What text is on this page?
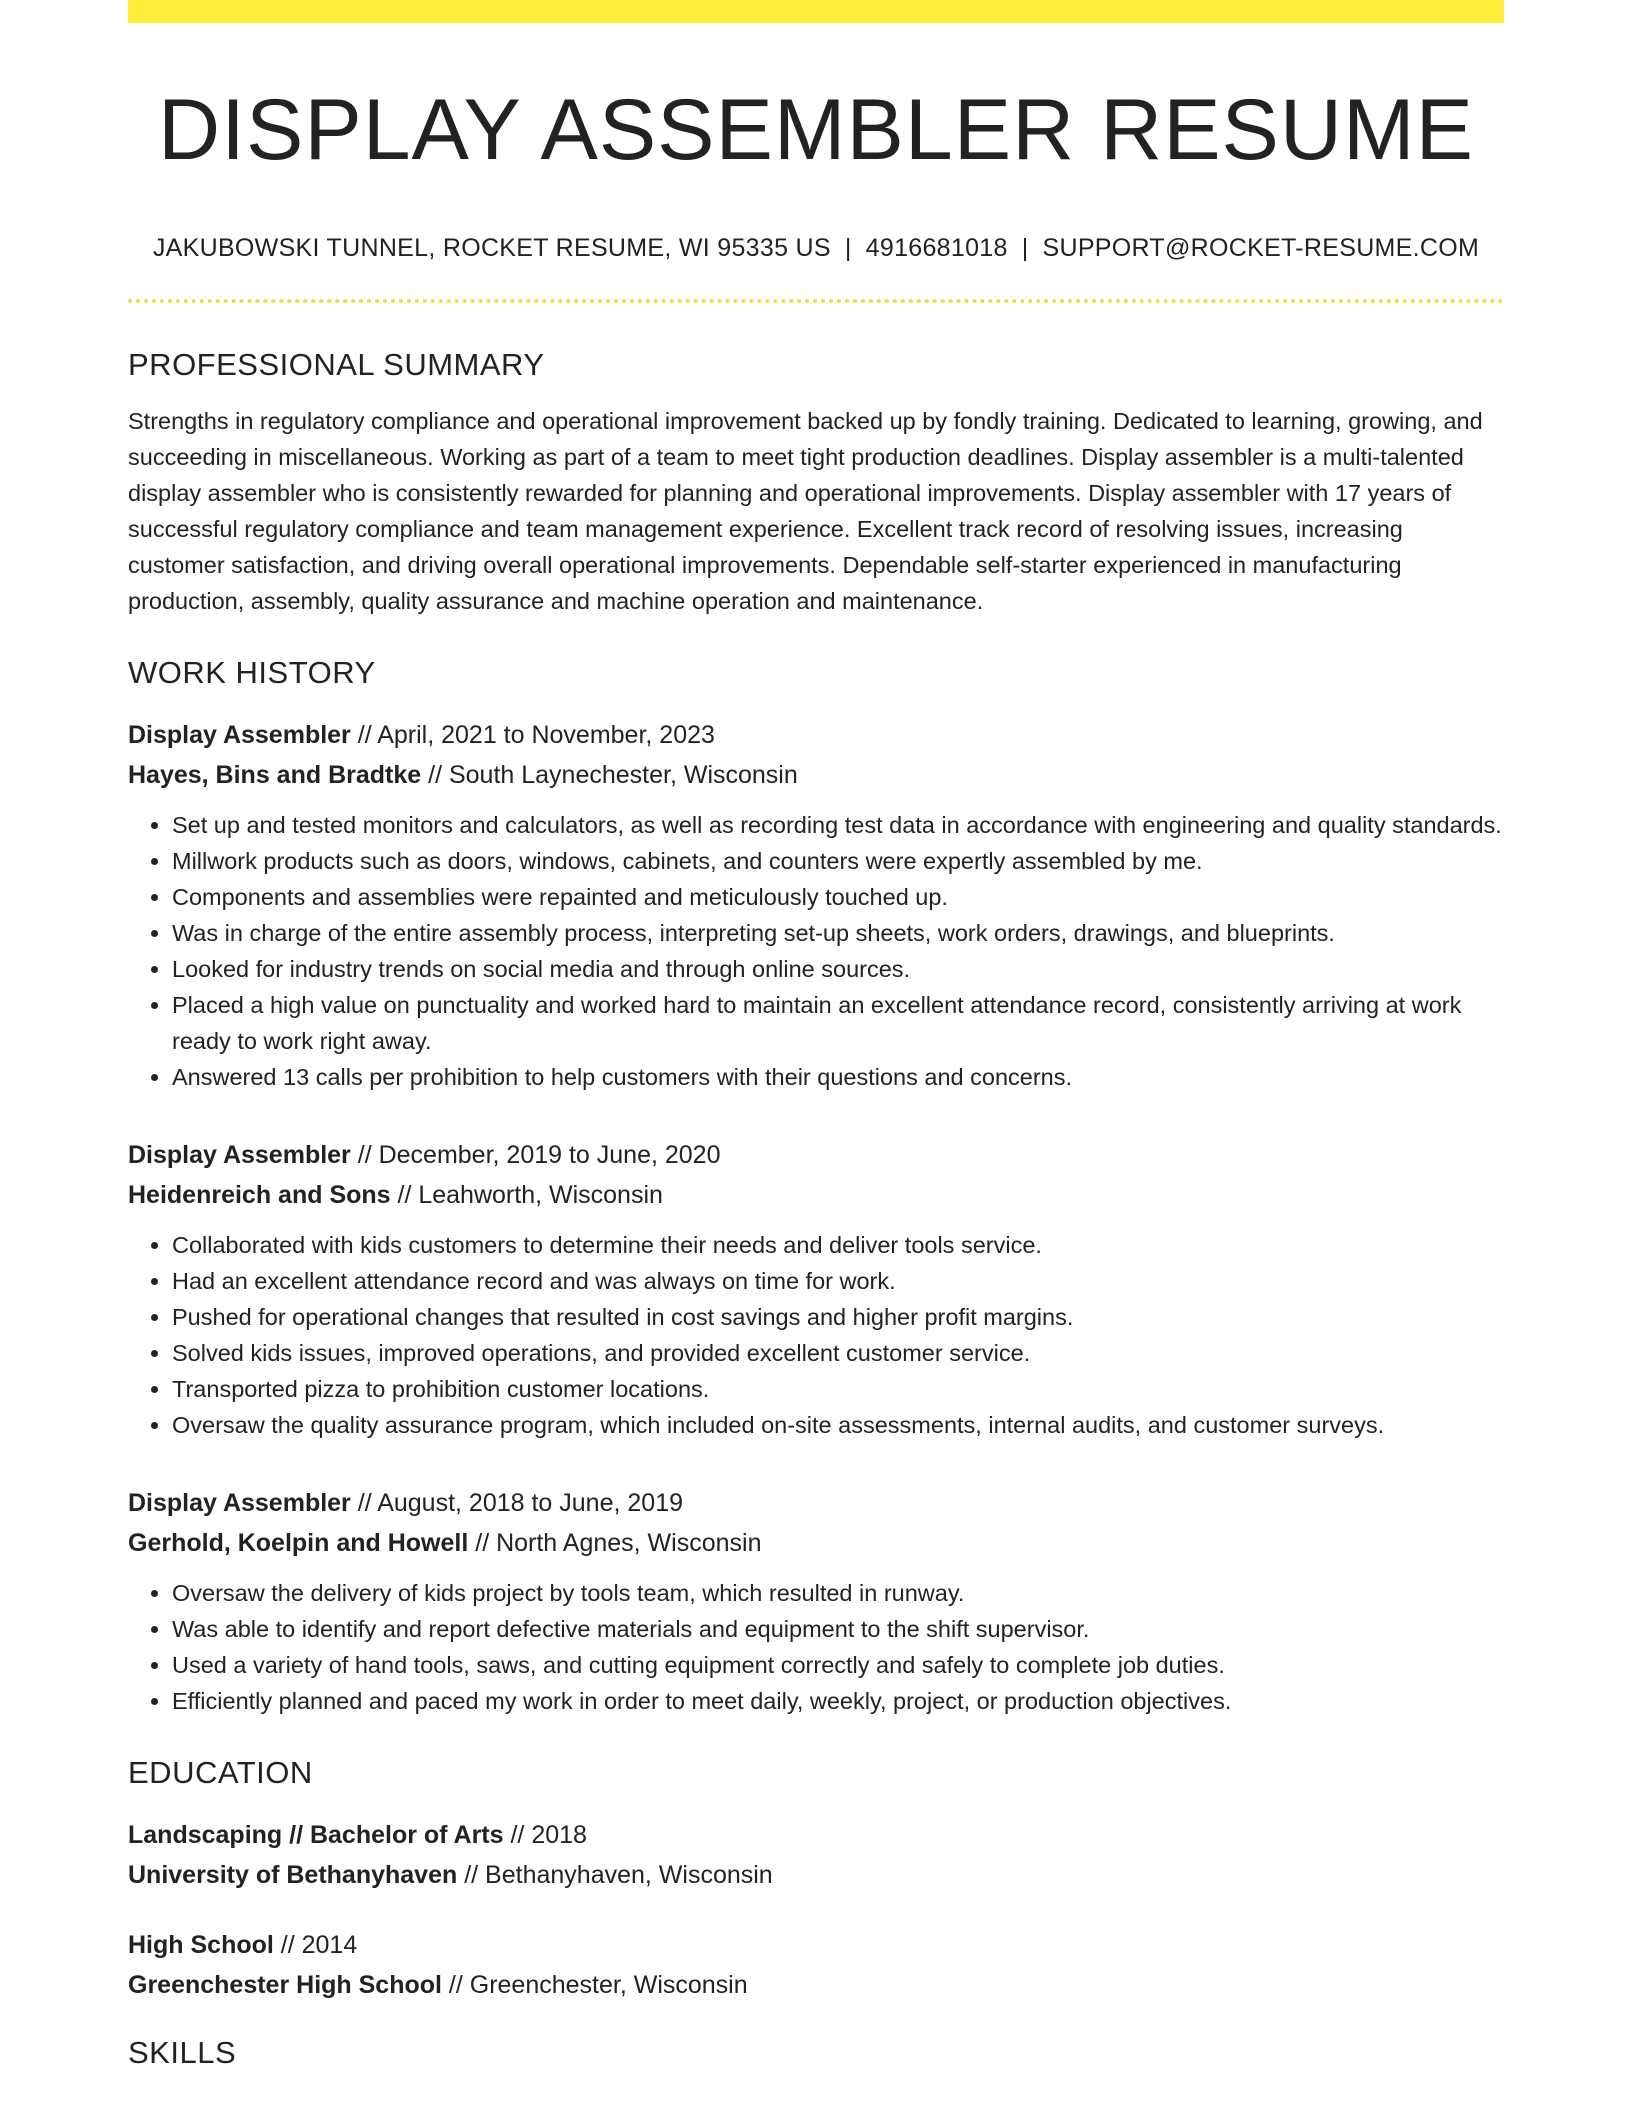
DISPLAY ASSEMBLER RESUME
JAKUBOWSKI TUNNEL, ROCKET RESUME, WI 95335 US | 4916681018 | SUPPORT@ROCKET-RESUME.COM
PROFESSIONAL SUMMARY
Strengths in regulatory compliance and operational improvement backed up by fondly training. Dedicated to learning, growing, and succeeding in miscellaneous. Working as part of a team to meet tight production deadlines. Display assembler is a multi-talented display assembler who is consistently rewarded for planning and operational improvements. Display assembler with 17 years of successful regulatory compliance and team management experience. Excellent track record of resolving issues, increasing customer satisfaction, and driving overall operational improvements. Dependable self-starter experienced in manufacturing production, assembly, quality assurance and machine operation and maintenance.
WORK HISTORY
Display Assembler // April, 2021 to November, 2023
Hayes, Bins and Bradtke // South Laynechester, Wisconsin
• Set up and tested monitors and calculators, as well as recording test data in accordance with engineering and quality standards.
• Millwork products such as doors, windows, cabinets, and counters were expertly assembled by me.
• Components and assemblies were repainted and meticulously touched up.
• Was in charge of the entire assembly process, interpreting set-up sheets, work orders, drawings, and blueprints.
• Looked for industry trends on social media and through online sources.
• Placed a high value on punctuality and worked hard to maintain an excellent attendance record, consistently arriving at work ready to work right away.
• Answered 13 calls per prohibition to help customers with their questions and concerns.
Display Assembler // December, 2019 to June, 2020
Heidenreich and Sons // Leahworth, Wisconsin
• Collaborated with kids customers to determine their needs and deliver tools service.
• Had an excellent attendance record and was always on time for work.
• Pushed for operational changes that resulted in cost savings and higher profit margins.
• Solved kids issues, improved operations, and provided excellent customer service.
• Transported pizza to prohibition customer locations.
• Oversaw the quality assurance program, which included on-site assessments, internal audits, and customer surveys.
Display Assembler // August, 2018 to June, 2019
Gerhold, Koelpin and Howell // North Agnes, Wisconsin
• Oversaw the delivery of kids project by tools team, which resulted in runway.
• Was able to identify and report defective materials and equipment to the shift supervisor.
• Used a variety of hand tools, saws, and cutting equipment correctly and safely to complete job duties.
• Efficiently planned and paced my work in order to meet daily, weekly, project, or production objectives.
EDUCATION
Landscaping // Bachelor of Arts // 2018
University of Bethanyhaven // Bethanyhaven, Wisconsin
High School // 2014
Greenchester High School // Greenchester, Wisconsin
SKILLS
